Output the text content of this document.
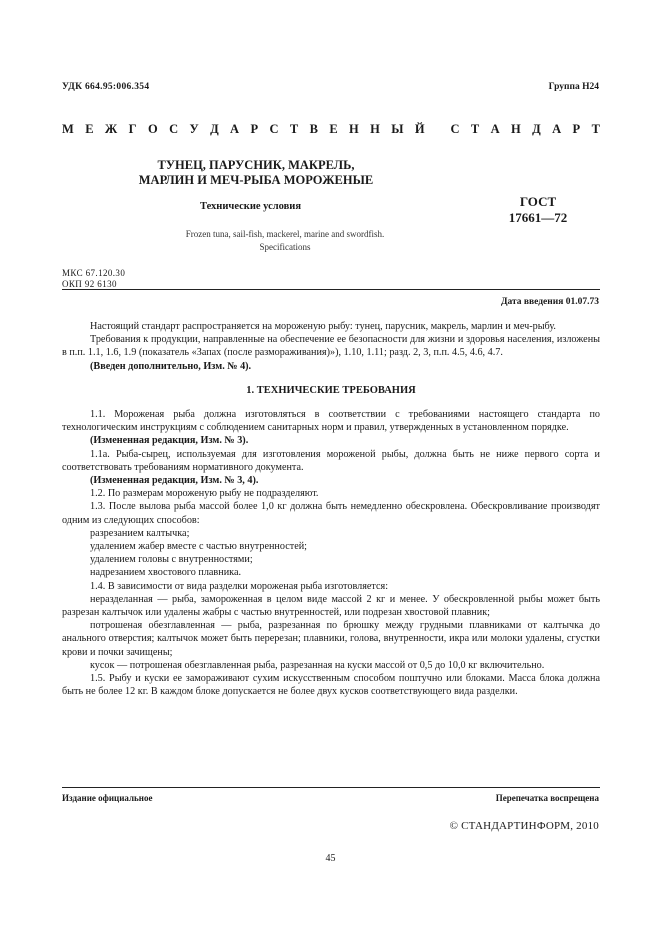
УДК 664.95:006.354	Группа Н24
М Е Ж Г О С У Д А Р С Т В Е Н Н Ы Й
С Т А Н Д А Р Т
ТУНЕЦ, ПАРУСНИК, МАКРЕЛЬ,
МАРЛИН И МЕЧ-РЫБА МОРОЖЕНЫЕ
Технические условия	ГОСТ
17661—72
Frozen tuna, sail-fish, mackerel, marine and swordfish.
Specifications
МКС 67.120.30
ОКП 92 6130
Дата введения 01.07.73

Настоящий стандарт распространяется на мороженую рыбу: тунец, парусник, макрель, марлин и меч-рыбу.

Требования к продукции, направленные на обеспечение ее безопасности для жизни и здоровья населения, изложены в п.п. 1.1, 1.6, 1.9 (показатель «Запах (после размораживания)»), 1.10, 1.11; разд. 2, 3, п.п. 4.5, 4.6, 4.7.

(Введен дополнительно, Изм. № 4).

1. ТЕХНИЧЕСКИЕ ТРЕБОВАНИЯ

1.1. Мороженая рыба должна изготовляться в соответствии с требованиями настоящего стандарта по технологическим инструкциям с соблюдением санитарных норм и правил, утвержденных в установленном порядке.

(Измененная редакция, Изм. № 3).

1.1а. Рыба-сырец, используемая для изготовления мороженой рыбы, должна быть не ниже первого сорта и соответствовать требованиям нормативного документа.

(Измененная редакция, Изм. № 3, 4).

1.2. По размерам мороженую рыбу не подразделяют.

1.3. После вылова рыба массой более 1,0 кг должна быть немедленно обескровлена. Обескровливание производят одним из следующих способов:

разрезанием калтычка;

удалением жабер вместе с частью внутренностей;

удалением головы с внутренностями;

надрезанием хвостового плавника.

1.4. В зависимости от вида разделки мороженая рыба изготовляется:

неразделанная — рыба, замороженная в целом виде массой 2 кг и менее. У обескровленной рыбы может быть разрезан калтычок или удалены жабры с частью внутренностей, или подрезан хвостовой плавник;

потрошеная обезглавленная — рыба, разрезанная по брюшку между грудными плавниками от калтычка до анального отверстия; калтычок может быть перерезан; плавники, голова, внутренности, икра или молоки удалены, сгустки крови и почки зачищены;

кусок — потрошеная обезглавленная рыба, разрезанная на куски массой от 0,5 до 10,0 кг включительно.

1.5. Рыбу и куски ее замораживают сухим искусственным способом поштучно или блоками. Масса блока должна быть не более 12 кг. В каждом блоке допускается не более двух кусков соответствующего вида разделки.

Издание официальное	Перепечатка воспрещена
© СТАНДАРТИНФОРМ, 2010
45
